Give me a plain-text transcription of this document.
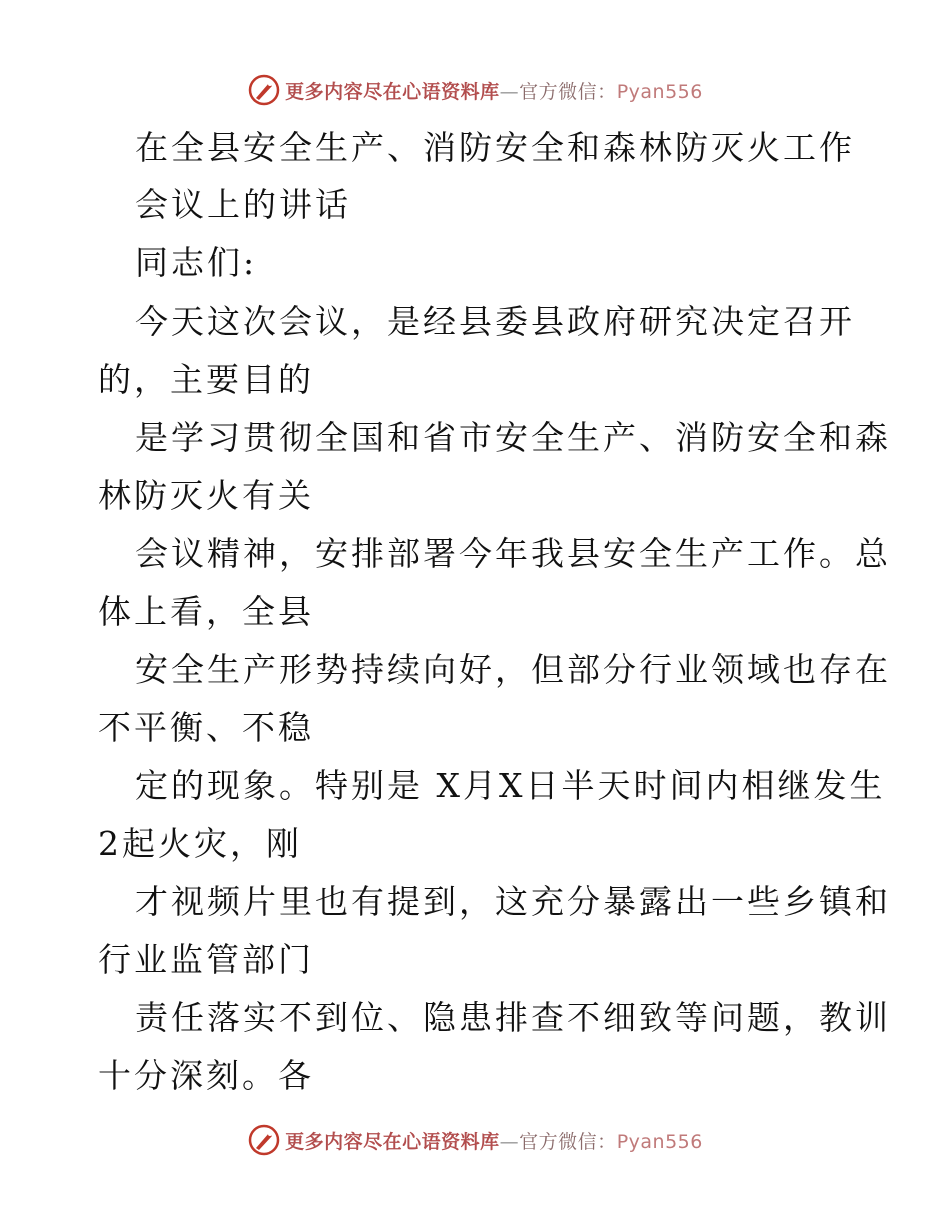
更多内容尽在心语资料库—官方微信：Pyan556
在全县安全生产、消防安全和森林防灭火工作
会议上的讲话
同志们:
今天这次会议，是经县委县政府研究决定召开
的，主要目的
是学习贯彻全国和省市安全生产、消防安全和森
林防灭火有关
会议精神，安排部署今年我县安全生产工作。总
体上看，全县
安全生产形势持续向好，但部分行业领域也存在
不平衡、不稳
定的现象。特别是 X月X日半天时间内相继发生
2起火灾，刚
才视频片里也有提到，这充分暴露出一些乡镇和
行业监管部门
责任落实不到位、隐患排查不细致等问题，教训
十分深刻。各
更多内容尽在心语资料库—官方微信：Pyan556
